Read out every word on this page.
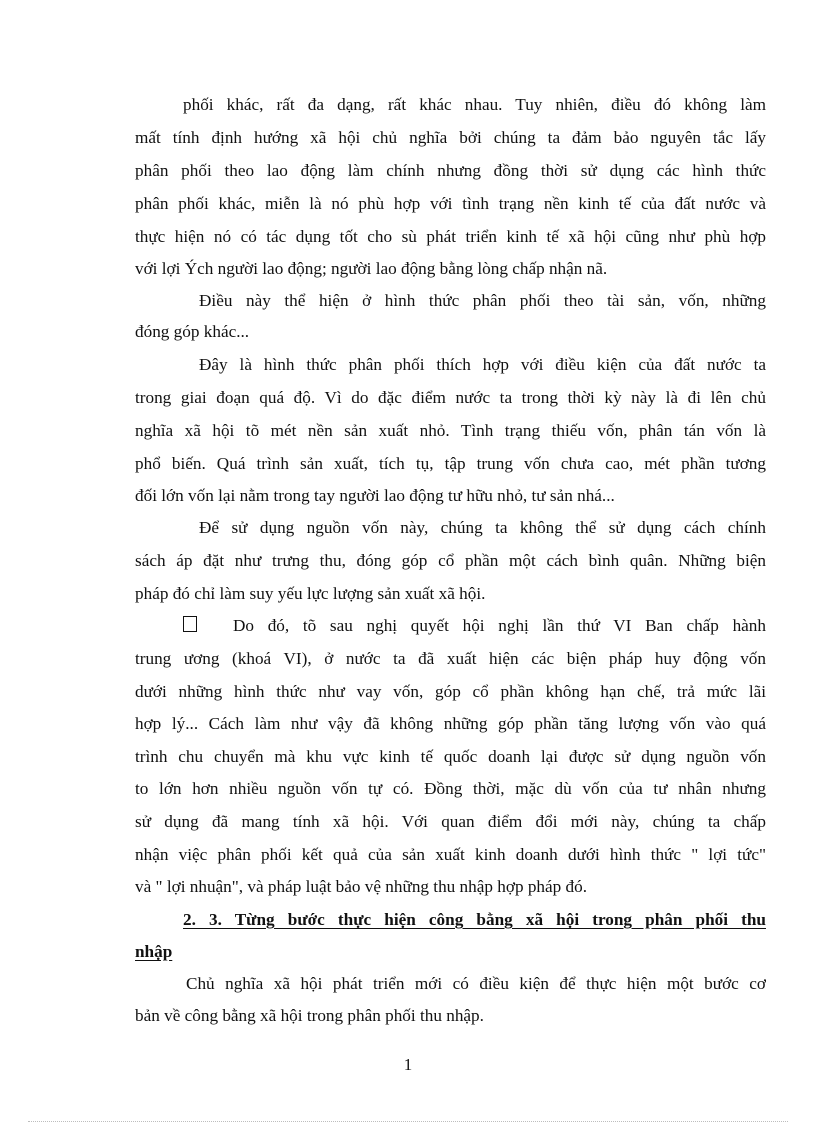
phối khác, rất đa dạng, rất khác nhau. Tuy nhiên, điều đó không làm
mất tính định hướng xã hội chủ nghĩa bởi chúng ta đảm bảo nguyên tắc lấy
phân phối theo lao động làm chính nhưng đồng thời sử dụng các hình thức
phân phối khác, miễn là nó phù hợp với tình trạng nền kinh tế của đất nước và
thực hiện nó có tác dụng tốt cho sù phát triển kinh tế xã hội cũng như phù hợp
với lợi Ých người lao động; người lao động bằng lòng chấp nhận nã.
Điều này thể hiện ở hình thức phân phối theo tài sản, vốn, những
đóng góp khác...
Đây là hình thức phân phối thích hợp với điều kiện của đất nước ta
trong giai đoạn quá độ. Vì do đặc điểm nước ta trong thời kỳ này là đi lên chủ
nghĩa xã hội tõ mét nền sản xuất nhỏ. Tình trạng thiếu vốn, phân tán vốn là
phổ biến. Quá trình sản xuất, tích tụ, tập trung vốn chưa cao, mét phần tương
đối lớn vốn lại nằm trong tay người lao động tư hữu nhỏ, tư sản nhá...
Để sử dụng nguồn vốn này, chúng ta không thể sử dụng cách chính
sách áp đặt như trưng thu, đóng góp cổ phần một cách bình quân. Những biện
pháp đó chỉ làm suy yếu lực lượng sản xuất xã hội.
Do đó, tõ sau nghị quyết hội nghị lần thứ VI Ban chấp hành
trung ương (khoá VI), ở nước ta đã xuất hiện các biện pháp huy động vốn
dưới những hình thức như vay vốn, góp cổ phần không hạn chế, trả mức lãi
hợp lý... Cách làm như vậy đã không những góp phần tăng lượng vốn vào quá
trình chu chuyển mà khu vực kinh tế quốc doanh lại được sử dụng nguồn vốn
to lớn hơn nhiều nguồn vốn tự có. Đồng thời, mặc dù vốn của tư nhân nhưng
sử dụng đã mang tính xã hội. Với quan điểm đổi mới này, chúng ta chấp
nhận việc phân phối kết quả của sản xuất kinh doanh dưới hình thức " lợi tức"
và " lợi nhuận", và pháp luật bảo vệ những thu nhập hợp pháp đó.
2. 3. Từng bước thực hiện công bằng xã hội trong phân phối thu
nhập
Chủ nghĩa xã hội phát triển mới có điều kiện để thực hiện một bước cơ
bản về công bằng xã hội trong phân phối thu nhập.
1
